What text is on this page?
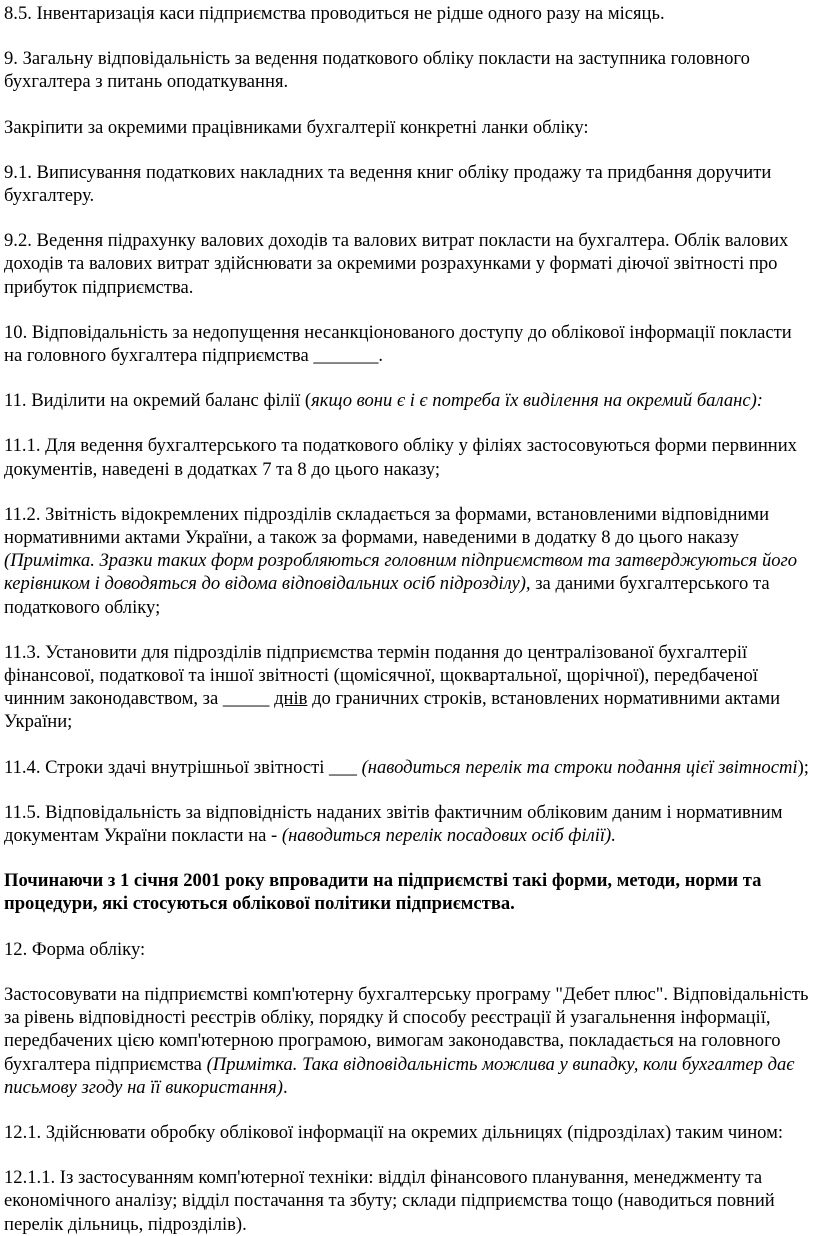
8.5. Інвентаризація каси підприємства проводиться не рідше одного разу на місяць.

9. Загальну відповідальність за ведення податкового обліку покласти на заступника головного бухгалтера з питань оподаткування.

Закріпити за окремими працівниками бухгалтерії конкретні ланки обліку:

9.1. Виписування податкових накладних та ведення книг обліку продажу та придбання доручити бухгалтеру.

9.2. Ведення підрахунку валових доходів та валових витрат покласти на бухгалтера. Облік валових доходів та валових витрат здійснювати за окремими розрахунками у форматі діючої звітності про прибуток підприємства.

10. Відповідальність за недопущення несанкціонованого доступу до облікової інформації покласти на головного бухгалтера підприємства _______.

11. Виділити на окремий баланс філії (якщо вони є і є потреба їх виділення на окремий баланс):

11.1. Для ведення бухгалтерського та податкового обліку у філіях застосовуються форми первинних документів, наведені в додатках 7 та 8 до цього наказу;

11.2. Звітність відокремлених підрозділів складається за формами, встановленими відповідними нормативними актами України, а також за формами, наведеними в додатку 8 до цього наказу (Примітка. Зразки таких форм розробляються головним підприємством та затверджуються його керівником і доводяться до відома відповідальних осіб підрозділу), за даними бухгалтерського та податкового обліку;

11.3. Установити для підрозділів підприємства термін подання до централізованої бухгалтерії фінансової, податкової та іншої звітності (щомісячної, щоквартальної, щорічної), передбаченої чинним законодавством, за _____ днів до граничних строків, встановлених нормативними актами України;

11.4. Строки здачі внутрішньої звітності ___ (наводиться перелік та строки подання цієї звітності);

11.5. Відповідальність за відповідність наданих звітів фактичним обліковим даним і нормативним документам України покласти на - (наводиться перелік посадових осіб філії).

Починаючи з 1 січня 2001 року впровадити на підприємстві такі форми, методи, норми та процедури, які стосуються облікової політики підприємства.

12. Форма обліку:

Застосовувати на підприємстві комп'ютерну бухгалтерську програму "Дебет плюс". Відповідальність за рівень відповідності реєстрів обліку, порядку й способу реєстрації й узагальнення інформації, передбачених цією комп'ютерною програмою, вимогам законодавства, покладається на головного бухгалтера підприємства (Примітка. Така відповідальність можлива у випадку, коли бухгалтер дає письмову згоду на її використання).

12.1. Здійснювати обробку облікової інформації на окремих дільницях (підрозділах) таким чином:

12.1.1. Із застосуванням комп'ютерної техніки: відділ фінансового планування, менеджменту та економічного аналізу; відділ постачання та збуту; склади підприємства тощо (наводиться повний перелік дільниць, підрозділів).
